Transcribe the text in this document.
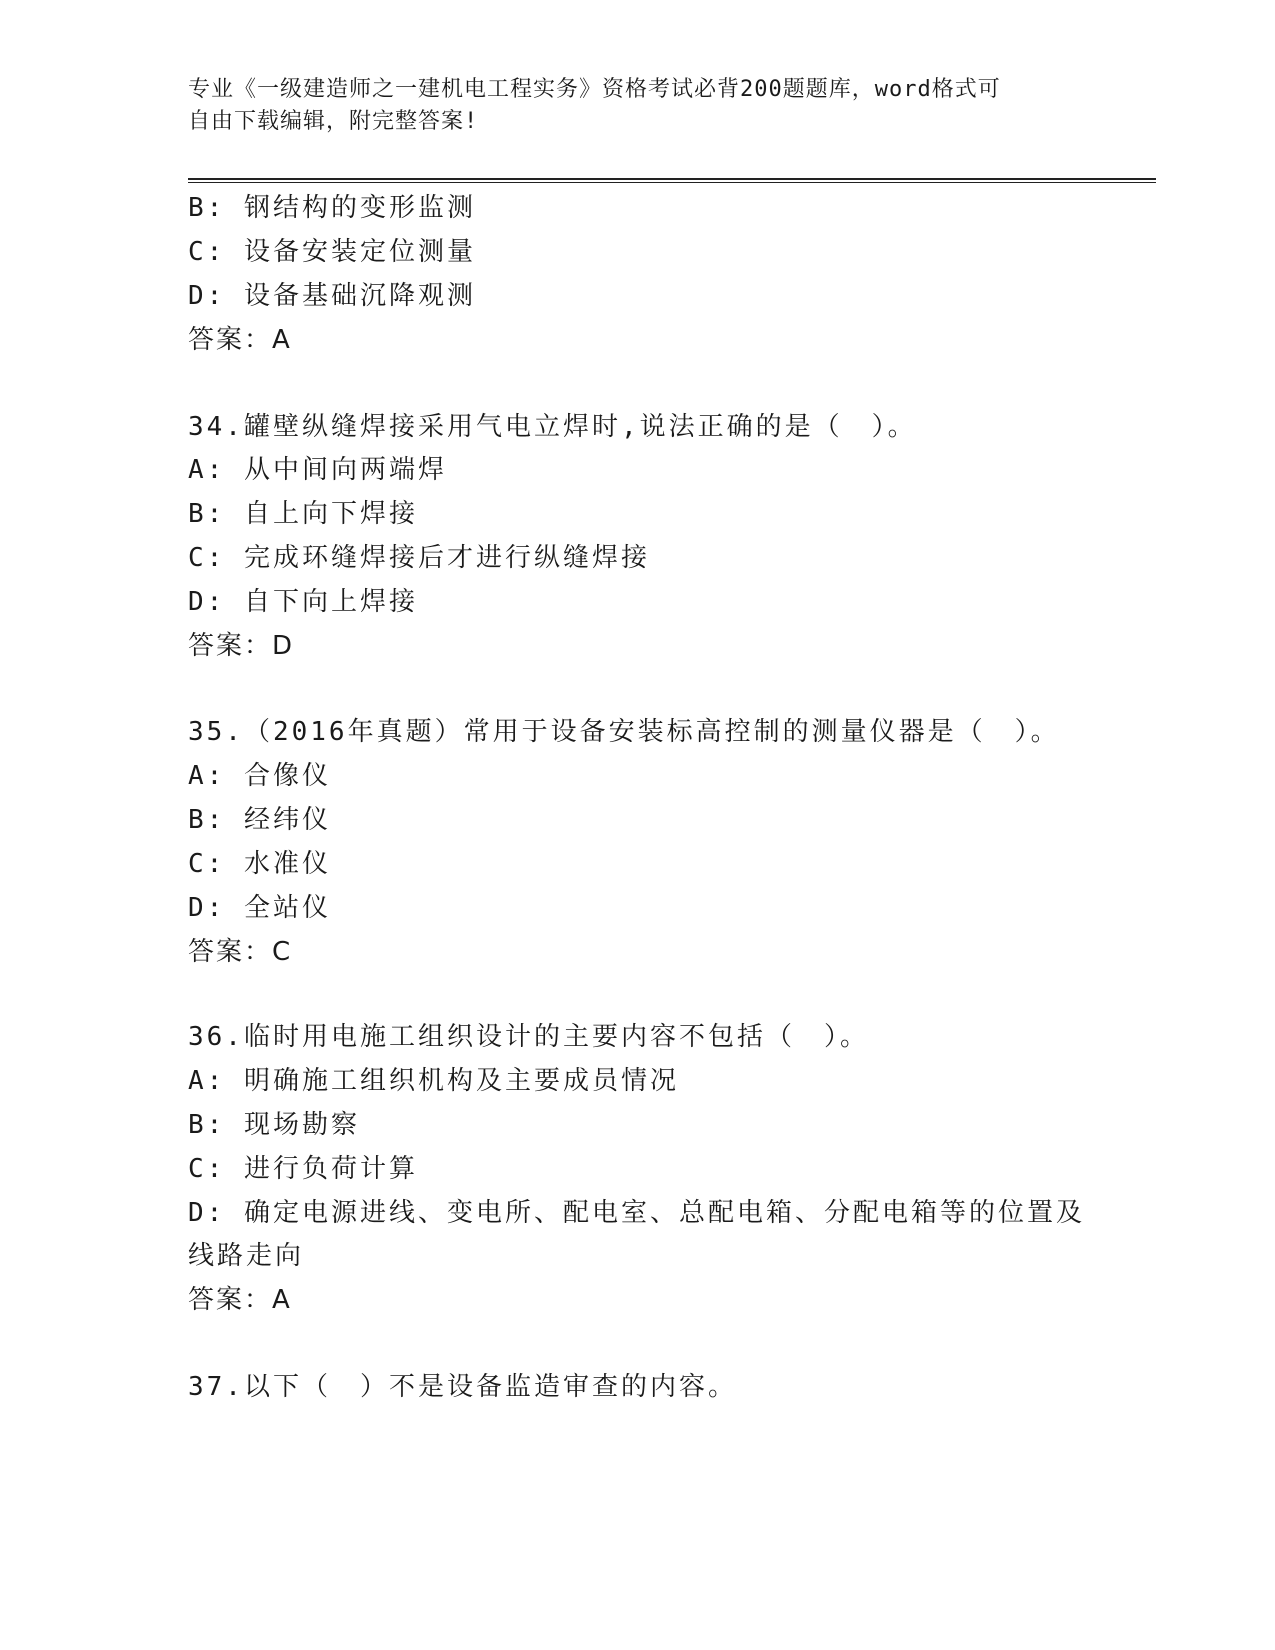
专业《一级建造师之一建机电工程实务》资格考试必背200题题库，word格式可
自由下载编辑，附完整答案!
B: 钢结构的变形监测
C: 设备安装定位测量
D: 设备基础沉降观测
答案：A
34.罐壁纵缝焊接采用气电立焊时,说法正确的是（　）。
A: 从中间向两端焊
B: 自上向下焊接
C: 完成环缝焊接后才进行纵缝焊接
D: 自下向上焊接
答案：D
35.（2016年真题）常用于设备安装标高控制的测量仪器是（　）。
A: 合像仪
B: 经纬仪
C: 水准仪
D: 全站仪
答案：C
36.临时用电施工组织设计的主要内容不包括（　）。
A: 明确施工组织机构及主要成员情况
B: 现场勘察
C: 进行负荷计算
D: 确定电源进线、变电所、配电室、总配电箱、分配电箱等的位置及
线路走向
答案：A
37.以下（　）不是设备监造审查的内容。
